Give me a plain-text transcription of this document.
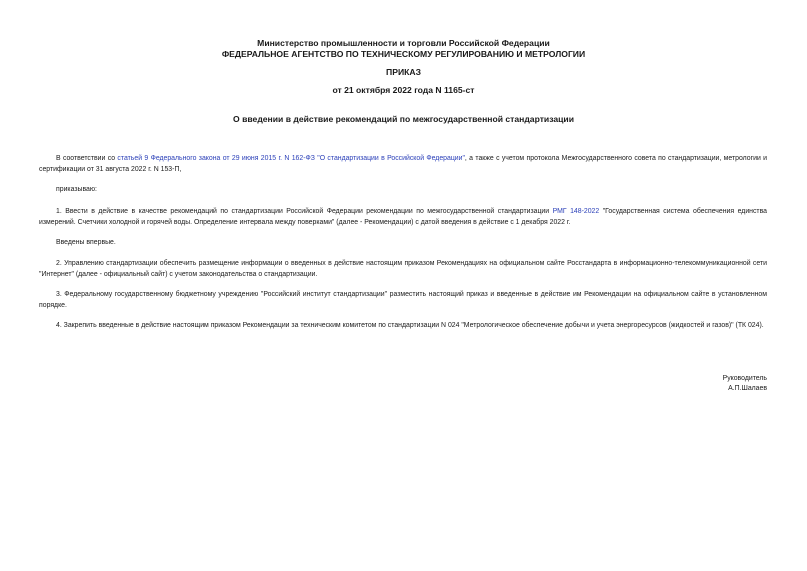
Министерство промышленности и торговли Российской Федерации

ФЕДЕРАЛЬНОЕ АГЕНТСТВО ПО ТЕХНИЧЕСКОМУ РЕГУЛИРОВАНИЮ И МЕТРОЛОГИИ

ПРИКАЗ

от 21 октября 2022 года N 1165-ст

О введении в действие рекомендаций по межгосударственной стандартизации

В соответствии со статьей 9 Федерального закона от 29 июня 2015 г. N 162-ФЗ "О стандартизации в Российской Федерации", а также с учетом протокола Межгосударственного совета по стандартизации, метрологии и сертификации от 31 августа 2022 г. N 153-П,

приказываю:

1. Ввести в действие в качестве рекомендаций по стандартизации Российской Федерации рекомендации по межгосударственной стандартизации РМГ 148-2022 "Государственная система обеспечения единства измерений. Счетчики холодной и горячей воды. Определение интервала между поверками" (далее - Рекомендации) с датой введения в действие с 1 декабря 2022 г.

Введены впервые.

2. Управлению стандартизации обеспечить размещение информации о введенных в действие настоящим приказом Рекомендациях на официальном сайте Росстандарта в информационно-телекоммуникационной сети "Интернет" (далее - официальный сайт) с учетом законодательства о стандартизации.

3. Федеральному государственному бюджетному учреждению "Российский институт стандартизации" разместить настоящий приказ и введенные в действие им Рекомендации на официальном сайте в установленном порядке.

4. Закрепить введенные в действие настоящим приказом Рекомендации за техническим комитетом по стандартизации N 024 "Метрологическое обеспечение добычи и учета энергоресурсов (жидкостей и газов)" (ТК 024).

Руководитель

А.П.Шалаев
